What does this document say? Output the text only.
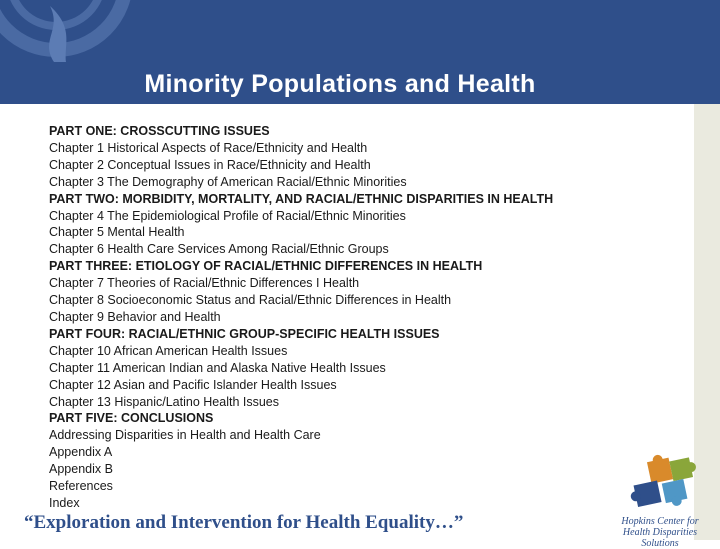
Minority Populations and Health
PART ONE: CROSSCUTTING ISSUES
Chapter 1 Historical Aspects of Race/Ethnicity and Health
Chapter 2 Conceptual Issues in Race/Ethnicity and Health
Chapter 3 The Demography of American Racial/Ethnic Minorities
PART TWO: MORBIDITY, MORTALITY, AND RACIAL/ETHNIC DISPARITIES IN HEALTH
Chapter 4 The Epidemiological Profile of Racial/Ethnic Minorities
Chapter 5 Mental Health
Chapter 6 Health Care Services Among Racial/Ethnic Groups
PART THREE: ETIOLOGY OF RACIAL/ETHNIC DIFFERENCES IN HEALTH
Chapter 7 Theories of Racial/Ethnic Differences I Health
Chapter 8 Socioeconomic Status and Racial/Ethnic Differences in Health
Chapter 9 Behavior and Health
PART FOUR: RACIAL/ETHNIC GROUP-SPECIFIC HEALTH ISSUES
Chapter 10 African American Health Issues
Chapter 11 American Indian and Alaska Native Health Issues
Chapter 12 Asian and Pacific Islander Health Issues
Chapter 13 Hispanic/Latino Health Issues
PART FIVE: CONCLUSIONS
Addressing Disparities in Health and Health Care
Appendix A
Appendix B
References
Index
“Exploration and Intervention for Health Equality…”	Hopkins Center for
Health Disparities Solutions
